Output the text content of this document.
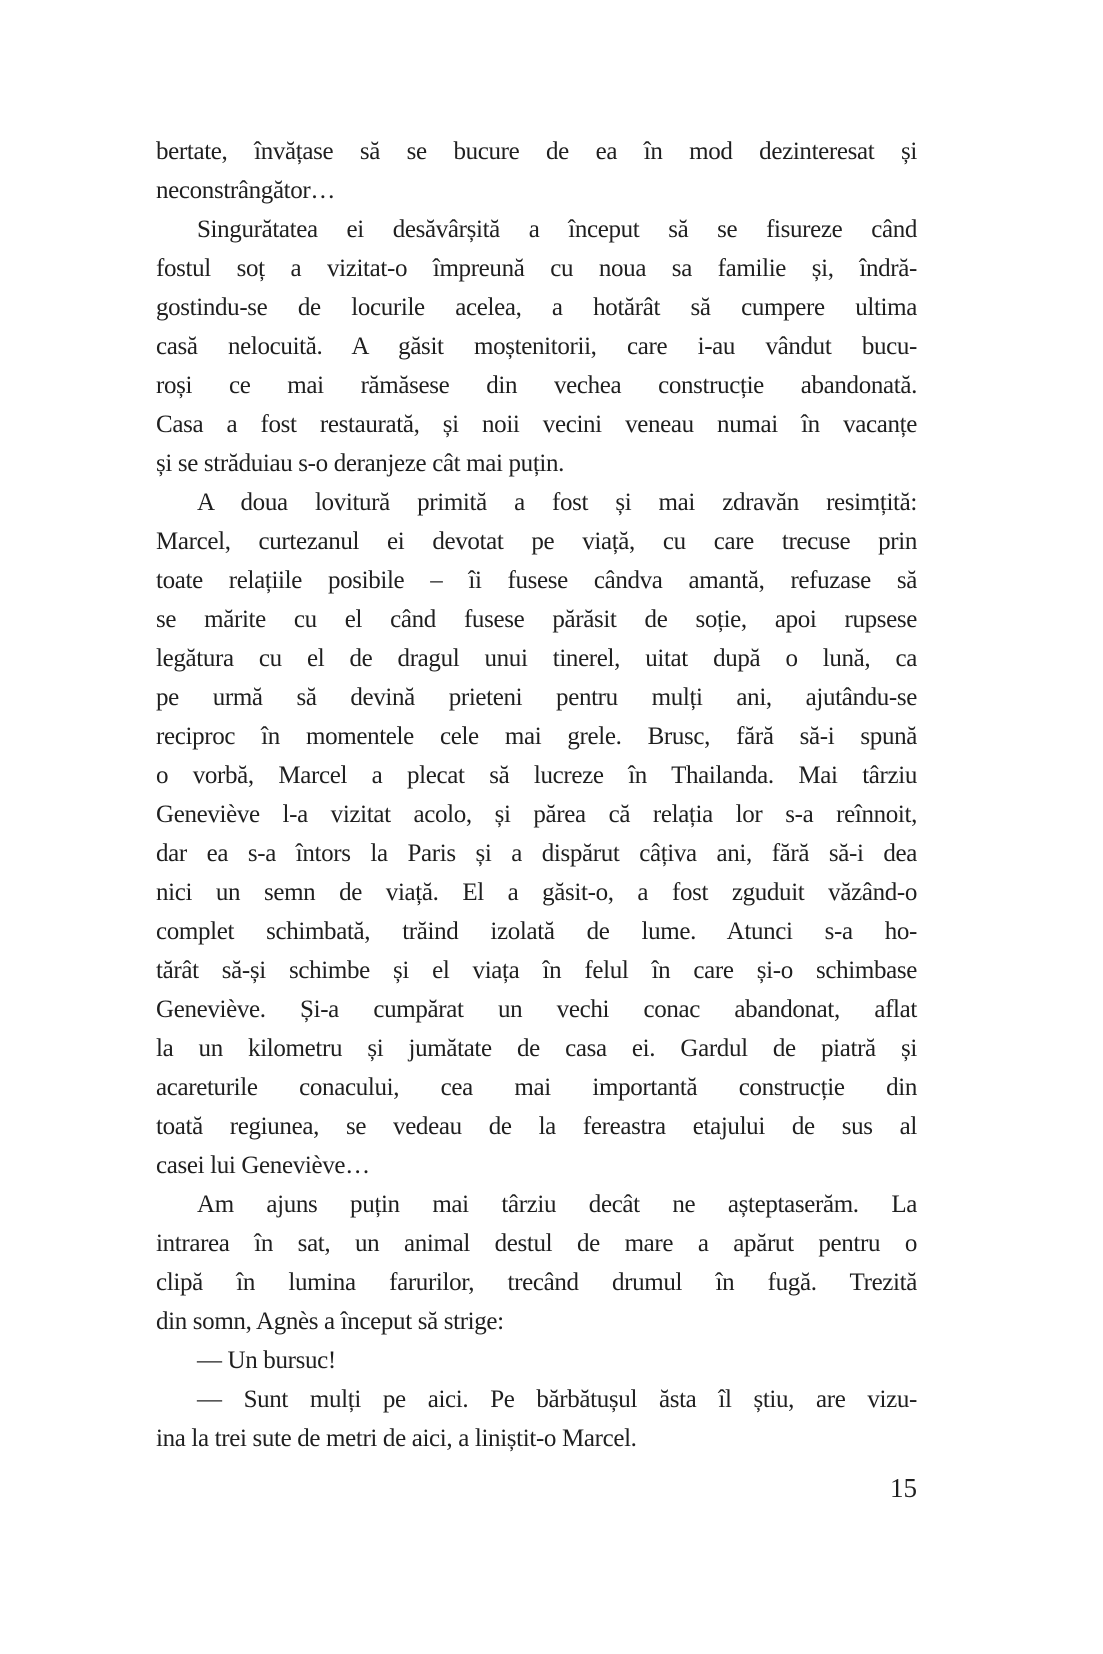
bertate, învățase să se bucure de ea în mod dezinteresat și
neconstrângător…
Singurătatea ei desăvârșită a început să se fisureze când
fostul soț a vizitat-o împreună cu noua sa familie și, îndră-
gostindu-se de locurile acelea, a hotărât să cumpere ultima
casă nelocuită. A găsit moștenitorii, care i-au vândut bucu-
roși ce mai rămăsese din vechea construcție abandonată.
Casa a fost restaurată, și noii vecini veneau numai în vacanțe
și se străduiau s-o deranjeze cât mai puțin.
A doua lovitură primită a fost și mai zdravăn resimțită:
Marcel, curtezanul ei devotat pe viață, cu care trecuse prin
toate relațiile posibile – îi fusese cândva amantă, refuzase să
se mărite cu el când fusese părăsit de soție, apoi rupsese
legătura cu el de dragul unui tinerel, uitat după o lună, ca
pe urmă să devină prieteni pentru mulți ani, ajutându-se
reciproc în momentele cele mai grele. Brusc, fără să-i spună
o vorbă, Marcel a plecat să lucreze în Thailanda. Mai târziu
Geneviève l-a vizitat acolo, și părea că relația lor s-a reînnoit,
dar ea s-a întors la Paris și a dispărut câțiva ani, fără să-i dea
nici un semn de viață. El a găsit-o, a fost zguduit văzând-o
complet schimbată, trăind izolată de lume. Atunci s-a ho-
tărât să-și schimbe și el viața în felul în care și-o schimbase
Geneviève. Și-a cumpărat un vechi conac abandonat, aflat
la un kilometru și jumătate de casa ei. Gardul de piatră și
acareturile conacului, cea mai importantă construcție din
toată regiunea, se vedeau de la fereastra etajului de sus al
casei lui Geneviève…
Am ajuns puțin mai târziu decât ne așteptaserăm. La
intrarea în sat, un animal destul de mare a apărut pentru o
clipă în lumina farurilor, trecând drumul în fugă. Trezită
din somn, Agnès a început să strige:
— Un bursuc!
— Sunt mulți pe aici. Pe bărbătușul ăsta îl știu, are vizu-
ina la trei sute de metri de aici, a liniștit-o Marcel.
15
